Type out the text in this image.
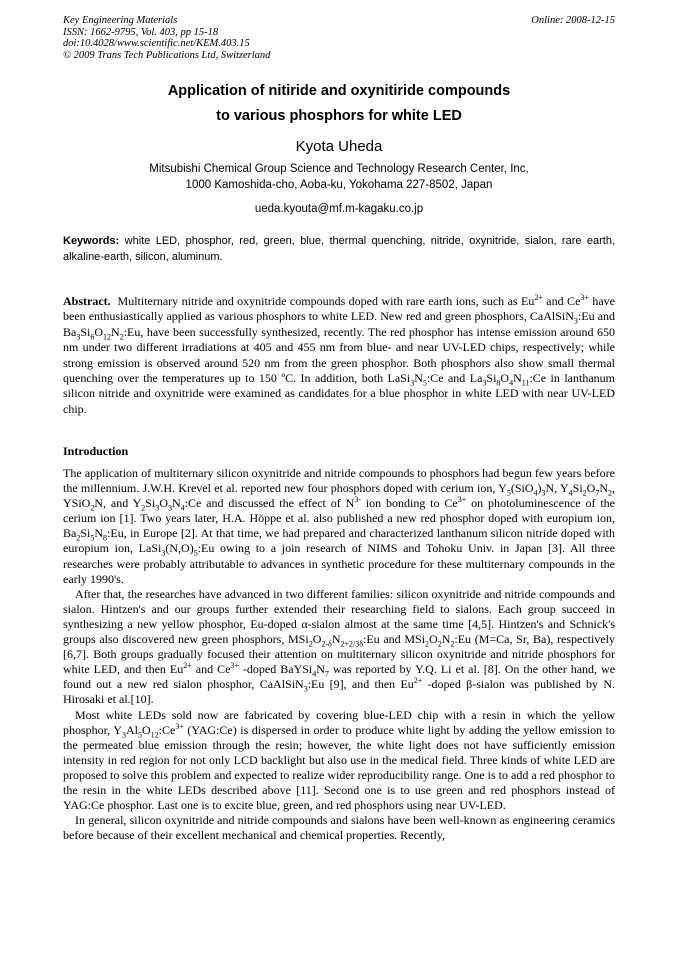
Key Engineering Materials
ISSN: 1662-9795, Vol. 403, pp 15-18
doi:10.4028/www.scientific.net/KEM.403.15
© 2009 Trans Tech Publications Ltd, Switzerland
Online: 2008-12-15
Application of nitiride and oxynitiride compounds
to various phosphors for white LED
Kyota Uheda
Mitsubishi Chemical Group Science and Technology Research Center, Inc,
1000 Kamoshida-cho, Aoba-ku, Yokohama 227-8502, Japan
ueda.kyouta@mf.m-kagaku.co.jp
Keywords: white LED, phosphor, red, green, blue, thermal quenching, nitride, oxynitride, sialon, rare earth, alkaline-earth, silicon, aluminum.
Abstract. Multiternary nitride and oxynitride compounds doped with rare earth ions, such as $Eu^{2+}$ and $Ce^{3+}$ have been enthusiastically applied as various phosphors to white LED. New red and green phosphors, CaAlSiN$_3$:Eu and $Ba_3Si_6O_{12}N_2:Eu$, have been successfully synthesized, recently. The red phosphor has intense emission around 650 nm under two different irradiations at 405 and 455 nm from blue- and near UV-LED chips, respectively; while strong emission is observed around 520 nm from the green phosphor. Both phosphors also show small thermal quenching over the temperatures up to 150 ºC. In addition, both $LaSi_3N_5:Ce$ and $La_3Si_8O_4N_{11}:Ce$ in lanthanum silicon nitride and oxynitride were examined as candidates for a blue phosphor in white LED with near UV-LED chip.
Introduction

The application of multiternary silicon oxynitride and nitride compounds to phosphors had begun few years before the millennium. J.W.H. Krevel et al. reported new four phosphors doped with cerium ion, $Y_5(SiO_4)_3N$, $Y_4Si_2O_7N_2$, YSiO$_2$N, and $Y_2Si_3O_3N_4:Ce$ and discussed the effect of $N^{3-}$ ion bonding to $Ce^{3+}$ on photoluminescence of the cerium ion [1]. Two years later, H.A. Höppe et al. also published a new red phosphor doped with europium ion, $Ba_2Si_5N_8:Eu$, in Europe [2]. At that time, we had prepared and characterized lanthanum silicon nitride doped with europium ion, $LaSi_3(N,O)_5:Eu$ owing to a join research of NIMS and Tohoku Univ. in Japan [3]. All three researches were probably attributable to advances in synthetic procedure for these multiternary compounds in the early 1990's.

After that, the researches have advanced in two different families: silicon oxynitride and nitride compounds and sialon. Hintzen's and our groups further extended their researching field to sialons. Each group succeed in synthesizing a new yellow phosphor, Eu-doped α-sialon almost at the same time [4,5]. Hintzen's and Schnick's groups also discovered new green phosphors, $MSi_2O_{2-\delta}N_{2+2/3\delta}:Eu$ and $MSi_2O_2N_2:Eu$ (M=Ca, Sr, Ba), respectively [6,7]. Both groups gradually focused their attention on multiternary silicon oxynitride and nitride phosphors for white LED, and then $Eu^{2+}$ and $Ce^{3+}$ -doped $BaYSi_4N_7$ was reported by Y.Q. Li et al. [8]. On the other hand, we found out a new red sialon phosphor, CaAlSiN$_3$:Eu [9], and then $Eu^{2+}$ -doped β-sialon was published by N. Hirosaki et al.[10].

Most white LEDs sold now are fabricated by covering blue-LED chip with a resin in which the yellow phosphor, $Y_3Al_5O_{12}:Ce^{3+}$ (YAG:Ce) is dispersed in order to produce white light by adding the yellow emission to the permeated blue emission through the resin; however, the white light does not have sufficiently emission intensity in red region for not only LCD backlight but also use in the medical field. Three kinds of white LED are proposed to solve this problem and expected to realize wider reproducibility range. One is to add a red phosphor to the resin in the white LEDs described above [11]. Second one is to use green and red phosphors instead of YAG:Ce phosphor. Last one is to excite blue, green, and red phosphors using near UV-LED.

In general, silicon oxynitride and nitride compounds and sialons have been well-known as engineering ceramics before because of their excellent mechanical and chemical properties. Recently,
